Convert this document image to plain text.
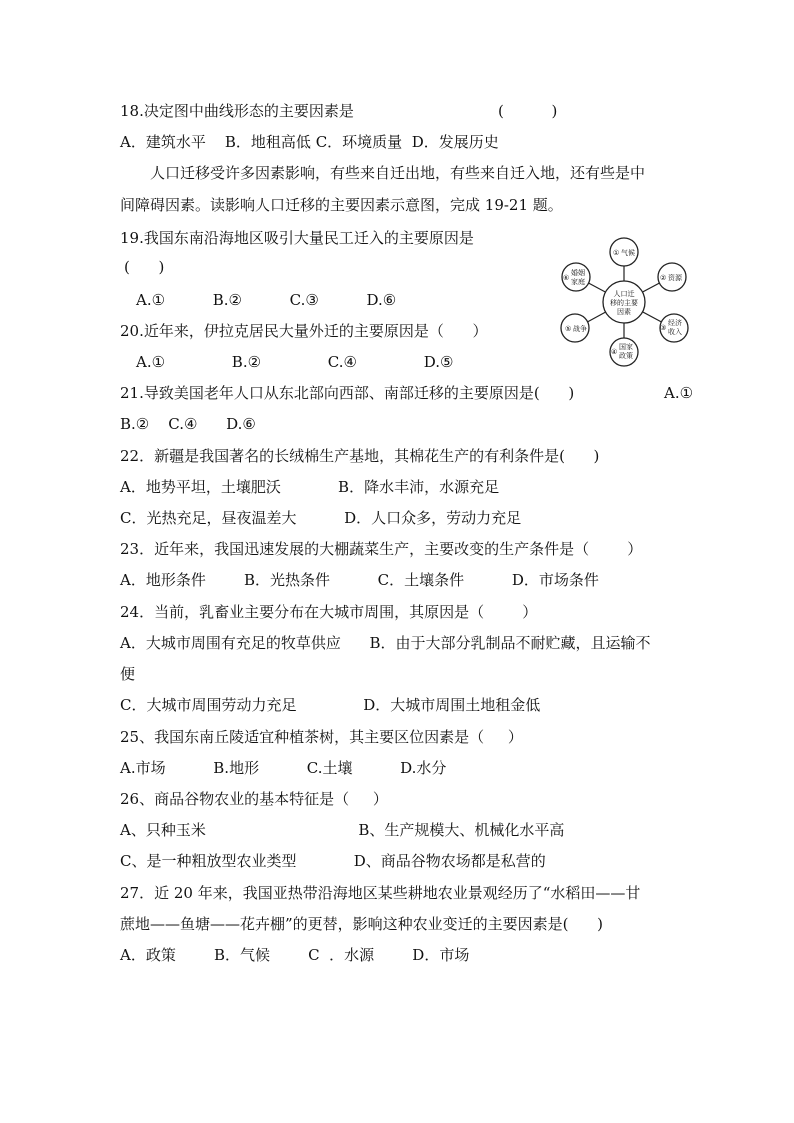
18.决定图中曲线形态的主要因素是	(          )
A．建筑水平    B．地租高低 C．环境质量  D．发展历史
人口迁移受许多因素影响，有些来自迁出地，有些来自迁入地，还有些是中
间障碍因素。读影响人口迁移的主要因素示意图，完成 19-21 题。
19.我国东南沿海地区吸引大量民工迁入的主要原因是
(      )
A.①          B.②          C.③          D.⑥
20.近年来，伊拉克居民大量外迁的主要原因是（      ）
A.①              B.②              C.④              D.⑤
21.导致美国老年人口从东北部向西部、南部迁移的主要原因是(      )	A.①
B.②    C.④      D.⑥
22．新疆是我国著名的长绒棉生产基地，其棉花生产的有利条件是(      )
A．地势平坦，土壤肥沃            B．降水丰沛，水源充足
C．光热充足，昼夜温差大          D．人口众多，劳动力充足
23．近年来，我国迅速发展的大棚蔬菜生产，主要改变的生产条件是（        ）
A．地形条件        B．光热条件          C．土壤条件          D．市场条件
24．当前，乳畜业主要分布在大城市周围，其原因是（        ）
A．大城市周围有充足的牧草供应      B．由于大部分乳制品不耐贮藏，且运输不
便
C．大城市周围劳动力充足              D．大城市周围土地租金低
25、我国东南丘陵适宜种植茶树，其主要区位因素是（     ）
A.市场          B.地形          C.土壤          D.水分
26、商品谷物农业的基本特征是（     ）
A、只种玉米                                B、生产规模大、机械化水平高
C、是一种粗放型农业类型            D、商品谷物农场都是私营的
27．近 20 年来，我国亚热带沿海地区某些耕地农业景观经历了“水稻田——甘
蔗地——鱼塘——花卉棚”的更替，影响这种农业变迁的主要因素是(      )
A．政策        B．气候        C  ．水源        D．市场
人口迁
移的主要
因素
① 气候
② 资源
③
经济
收入
④
国家
政策
⑤ 战争
⑥
婚姻
家庭
